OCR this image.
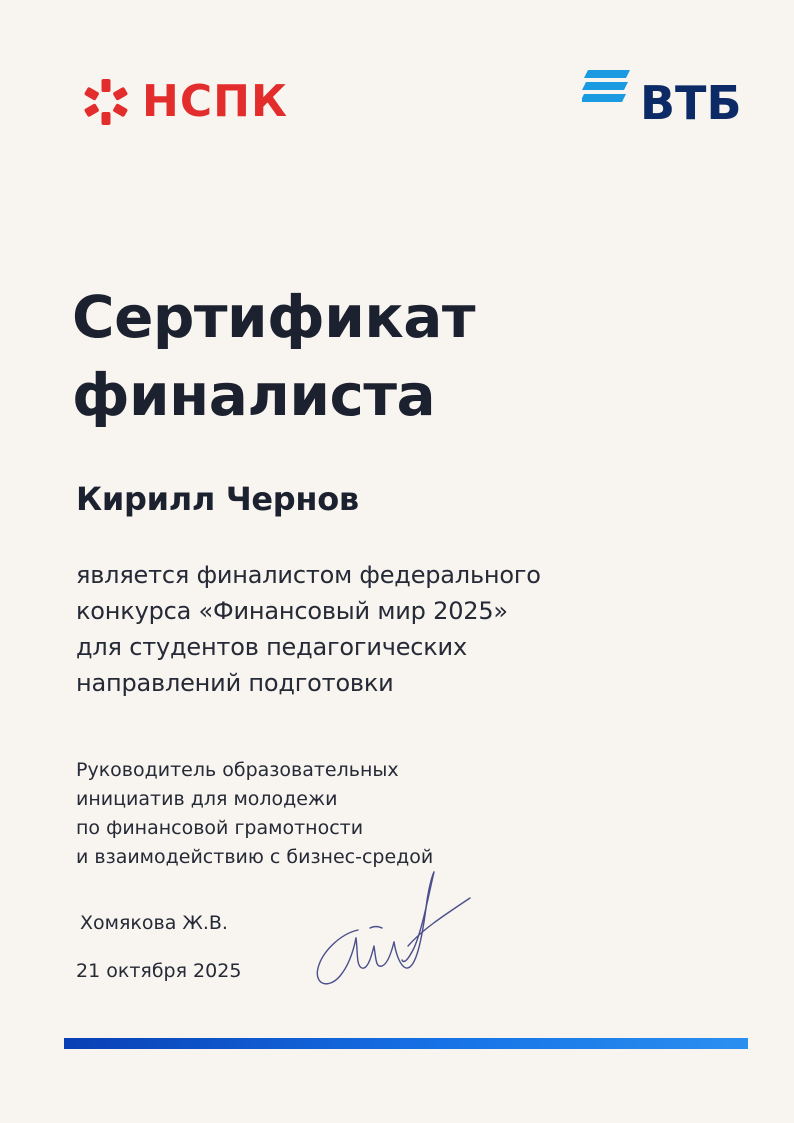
НСПК	ВТБ
Сертификат
финалиста
Кирилл Чернов
является финалистом федерального
конкурса «Финансовый мир 2025»
для студентов педагогических
направлений подготовки
Руководитель образовательных
инициатив для молодежи
по финансовой грамотности
и взаимодействию с бизнес-средой
Хомякова Ж.В.
21 октября 2025
